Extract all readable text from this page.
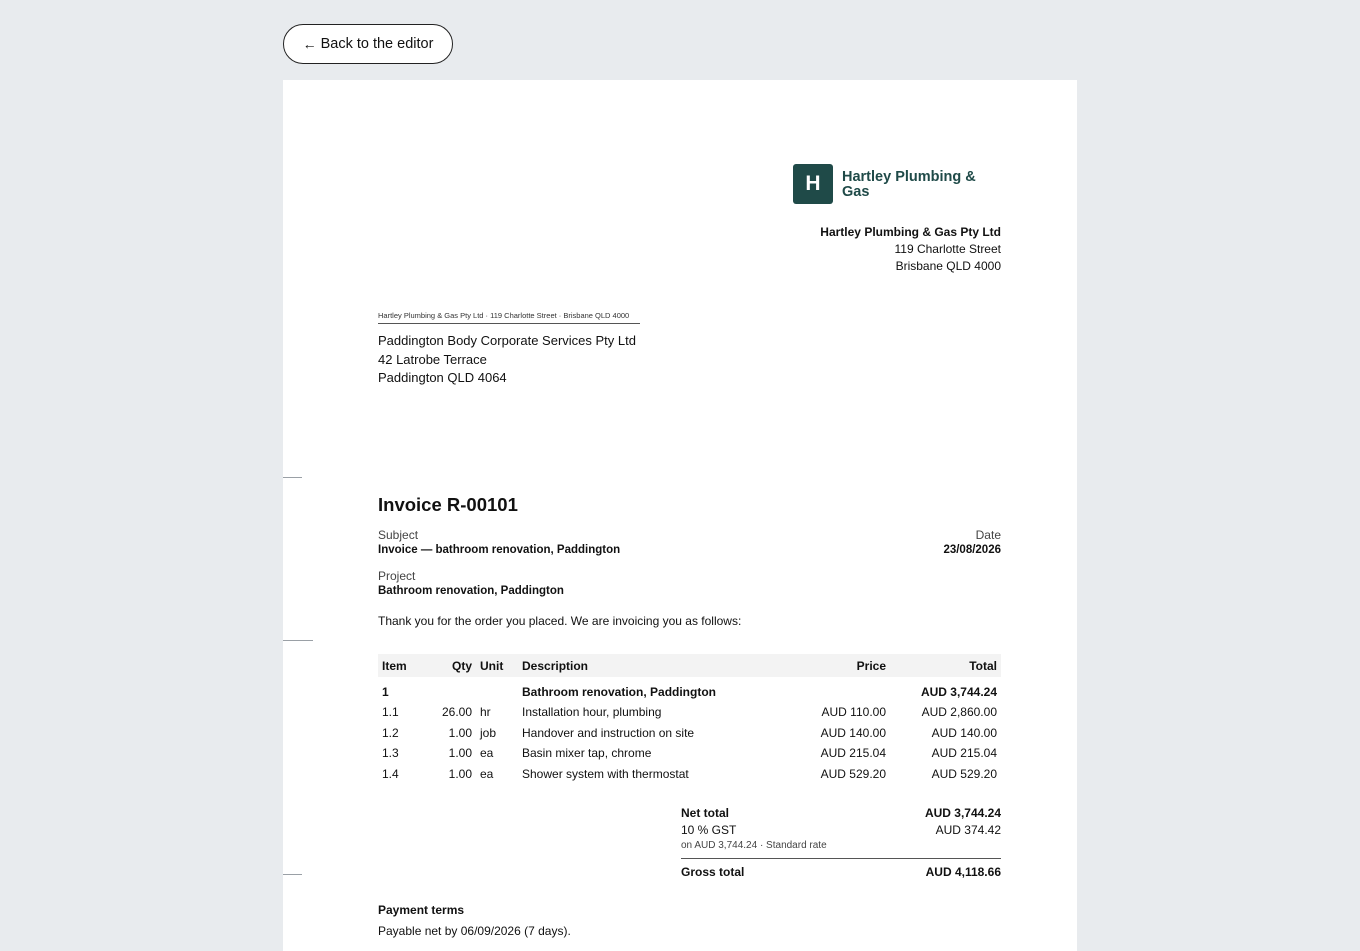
← Back to the editor
H	Hartley Plumbing & Gas
Hartley Plumbing & Gas Pty Ltd
119 Charlotte Street
Brisbane QLD 4000
Hartley Plumbing & Gas Pty Ltd · 119 Charlotte Street · Brisbane QLD 4000
Paddington Body Corporate Services Pty Ltd
42 Latrobe Terrace
Paddington QLD 4064
Invoice R-00101
Subject
Invoice — bathroom renovation, Paddington
Date
23/08/2026
Project
Bathroom renovation, Paddington

Thank you for the order you placed. We are invoicing you as follows:

Item	Qty	Unit	Description	Price	Total
1			Bathroom renovation, Paddington		AUD 3,744.24
1.1	26.00	hr	Installation hour, plumbing	AUD 110.00	AUD 2,860.00
1.2	1.00	job	Handover and instruction on site	AUD 140.00	AUD 140.00
1.3	1.00	ea	Basin mixer tap, chrome	AUD 215.04	AUD 215.04
1.4	1.00	ea	Shower system with thermostat	AUD 529.20	AUD 529.20
Net total	AUD 3,744.24
10 % GST	AUD 374.42
on AUD 3,744.24 · Standard rate
Gross total	AUD 4,118.66
Payment terms
Payable net by 06/09/2026 (7 days).
